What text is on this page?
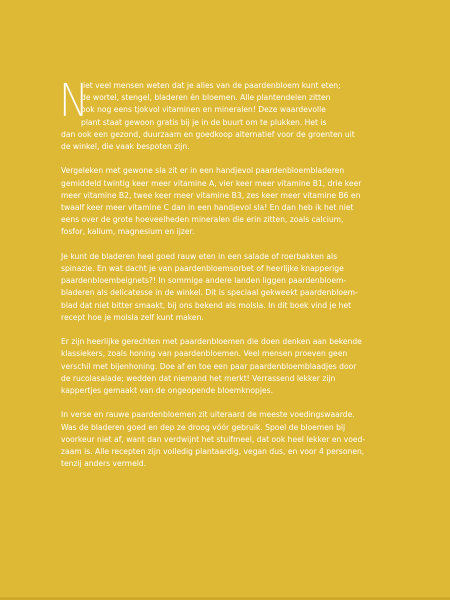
N
iet veel mensen weten dat je alles van de paardenbloem kunt eten;
de wortel, stengel, bladeren én bloemen. Alle plantendelen zitten
ook nog eens tjokvol vitaminen en mineralen! Deze waardevolle
plant staat gewoon gratis bij je in de buurt om te plukken. Het is
dan ook een gezond, duurzaam en goedkoop alternatief voor de groenten uit
de winkel, die vaak bespoten zijn.
Vergeleken met gewone sla zit er in een handjevol paardenbloembladeren
gemiddeld twintig keer meer vitamine A, vier keer meer vitamine B1, drie keer
meer vitamine B2, twee keer meer vitamine B3, zes keer meer vitamine B6 en
twaalf keer meer vitamine C dan in een handjevol sla! En dan heb ik het niet
eens over de grote hoeveelheden mineralen die erin zitten, zoals calcium,
fosfor, kalium, magnesium en ijzer.
Je kunt de bladeren heel goed rauw eten in een salade of roerbakken als
spinazie. En wat dacht je van paardenbloemsorbet of heerlijke knapperige
paardenbloembeignets?! In sommige andere landen liggen paardenbloem-
bladeren als delicatesse in de winkel. Dit is speciaal gekweekt paardenbloem-
blad dat niet bitter smaakt, bij ons bekend als molsla. In dit boek vind je het
recept hoe je molsla zelf kunt maken.
Er zijn heerlijke gerechten met paardenbloemen die doen denken aan bekende
klassiekers, zoals honing van paardenbloemen. Veel mensen proeven geen
verschil met bijenhoning. Doe af en toe een paar paardenbloemblaadjes door
de rucolasalade; wedden dat niemand het merkt! Verrassend lekker zijn
kappertjes gemaakt van de ongeopende bloemknopjes.
In verse en rauwe paardenbloemen zit uiteraard de meeste voedingswaarde.
Was de bladeren goed en dep ze droog vóór gebruik. Spoel de bloemen bij
voorkeur niet af, want dan verdwijnt het stuifmeel, dat ook heel lekker en voed-
zaam is. Alle recepten zijn volledig plantaardig, vegan dus, en voor 4 personen,
tenzij anders vermeld.
